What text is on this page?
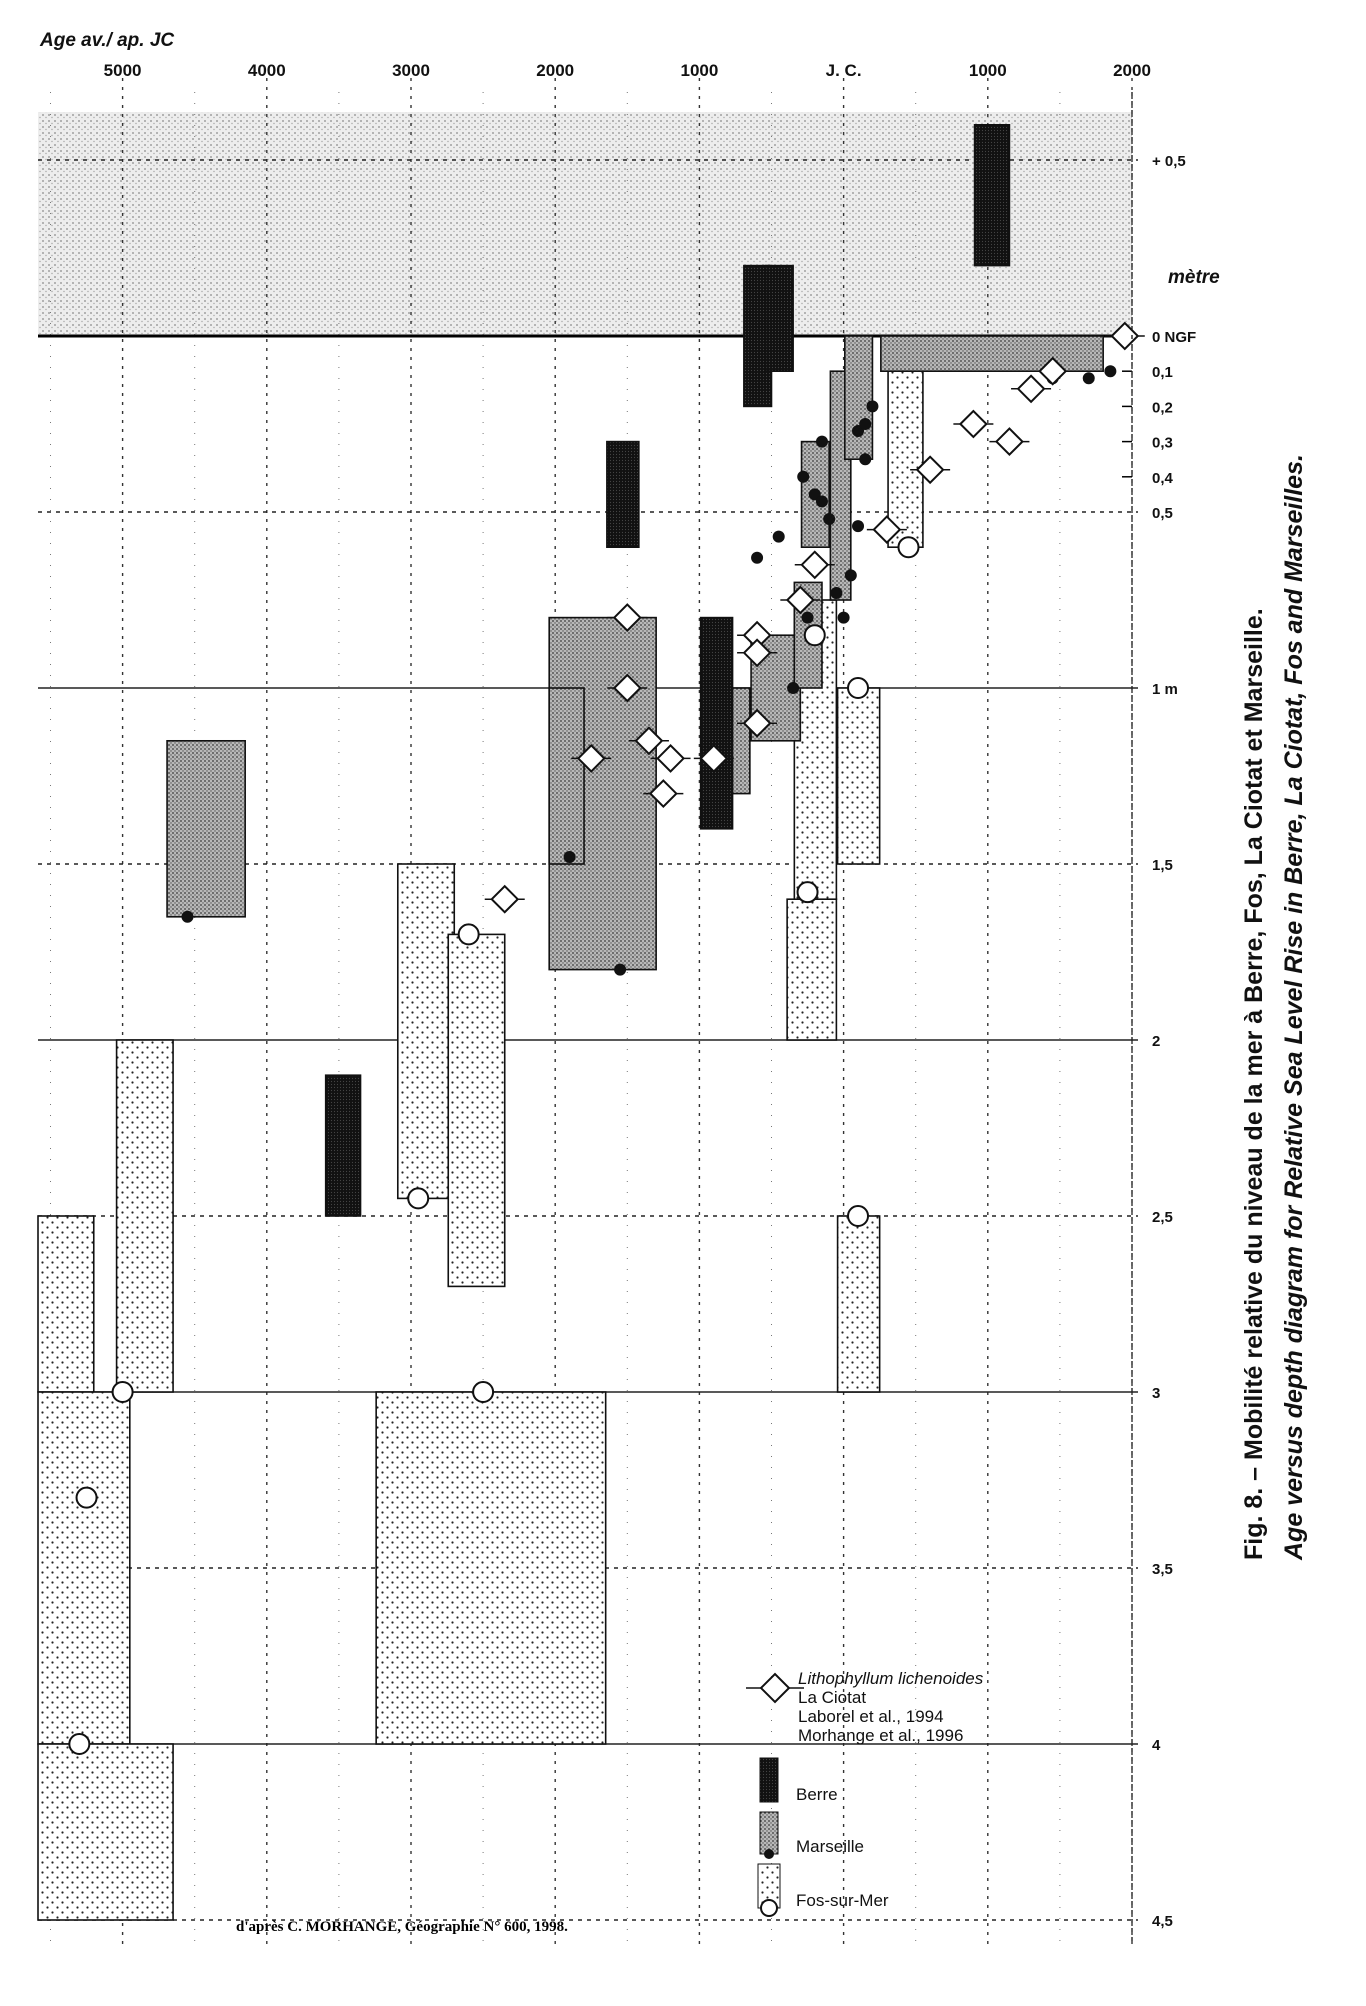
5000	4000	3000	2000	1000	J. C.	1000	2000
+ 0,5
0 NGF
0,1
0,2
0,3
0,4
0,5
1 m
1,5
2
2,5
3
3,5
4
4,5
Age av./ ap. JC
mètre
Lithophyllum lichenoides
La Ciotat
Laborel et al., 1994
Morhange et al., 1996
Berre
Marseille
Fos-sur-Mer
d'après C. MORHANGE, Géographie N° 600, 1998.
Fig. 8. – Mobilité relative du niveau de la mer à Berre, Fos, La Ciotat et Marseille. Age versus depth diagram for Relative Sea Level Rise in Berre, La Ciotat, Fos and Marseilles.
